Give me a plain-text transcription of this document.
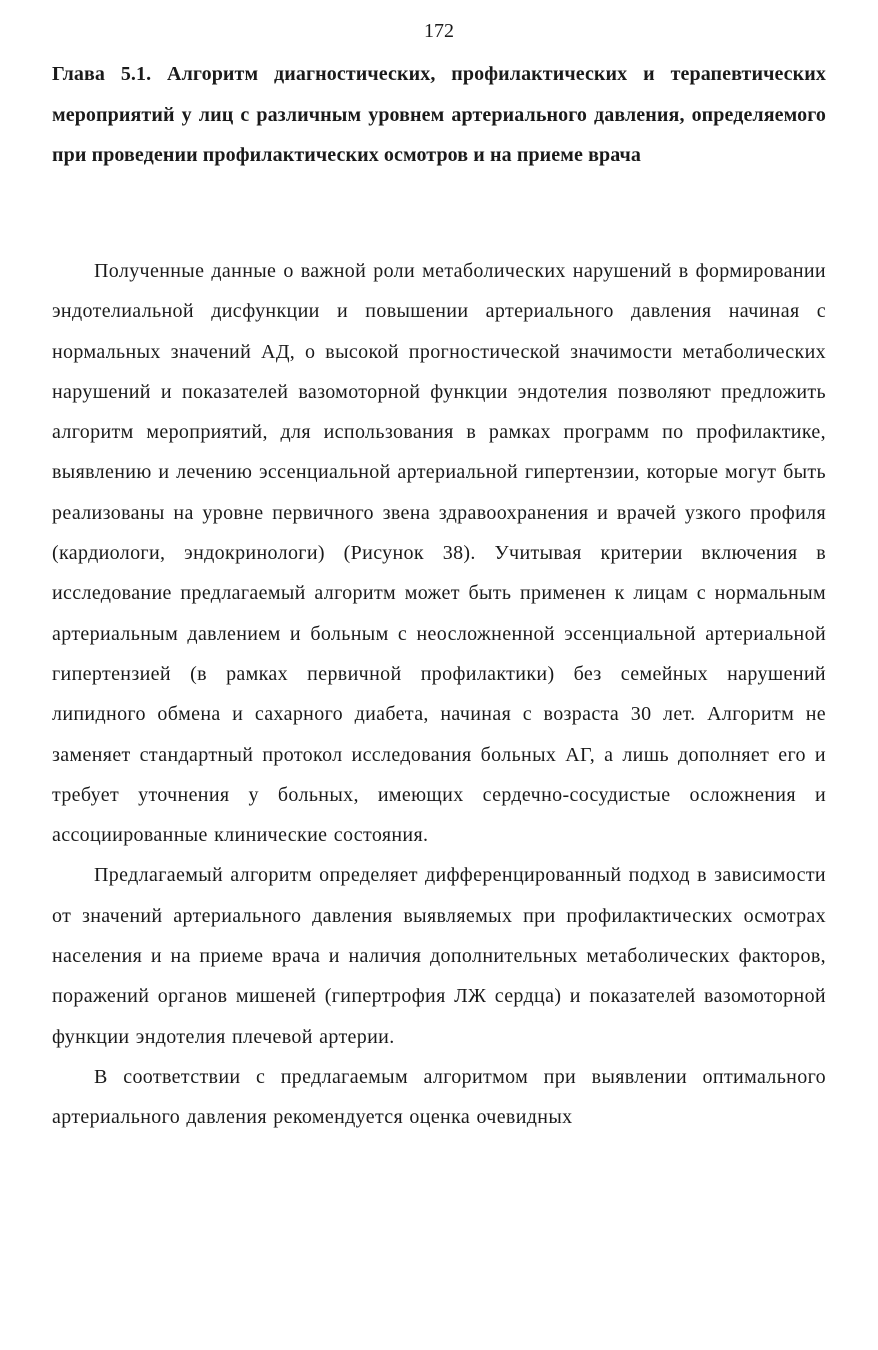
172
Глава 5.1. Алгоритм диагностических, профилактических и терапевтических мероприятий у лиц с различным уровнем артериального давления, определяемого при проведении профилактических осмотров и на приеме врача

Полученные данные о важной роли метаболических нарушений в формировании эндотелиальной дисфункции и повышении артериального давления начиная с нормальных значений АД, о высокой прогностической значимости метаболических нарушений и показателей вазомоторной функции эндотелия позволяют предложить алгоритм мероприятий, для использования в рамках программ по профилактике, выявлению и лечению эссенциальной артериальной гипертензии, которые могут быть реализованы на уровне первичного звена здравоохранения и врачей узкого профиля (кардиологи, эндокринологи) (Рисунок 38). Учитывая критерии включения в исследование предлагаемый алгоритм может быть применен к лицам с нормальным артериальным давлением и больным с неосложненной эссенциальной артериальной гипертензией (в рамках первичной профилактики) без семейных нарушений липидного обмена и сахарного диабета, начиная с возраста 30 лет. Алгоритм не заменяет стандартный протокол исследования больных АГ, а лишь дополняет его и требует уточнения у больных, имеющих сердечно-сосудистые осложнения и ассоциированные клинические состояния.

Предлагаемый алгоритм определяет дифференцированный подход в зависимости от значений артериального давления выявляемых при профилактических осмотрах населения и на приеме врача и наличия дополнительных метаболических факторов, поражений органов мишеней (гипертрофия ЛЖ сердца) и показателей вазомоторной функции эндотелия плечевой артерии.

В соответствии с предлагаемым алгоритмом при выявлении оптимального артериального давления рекомендуется оценка очевидных
